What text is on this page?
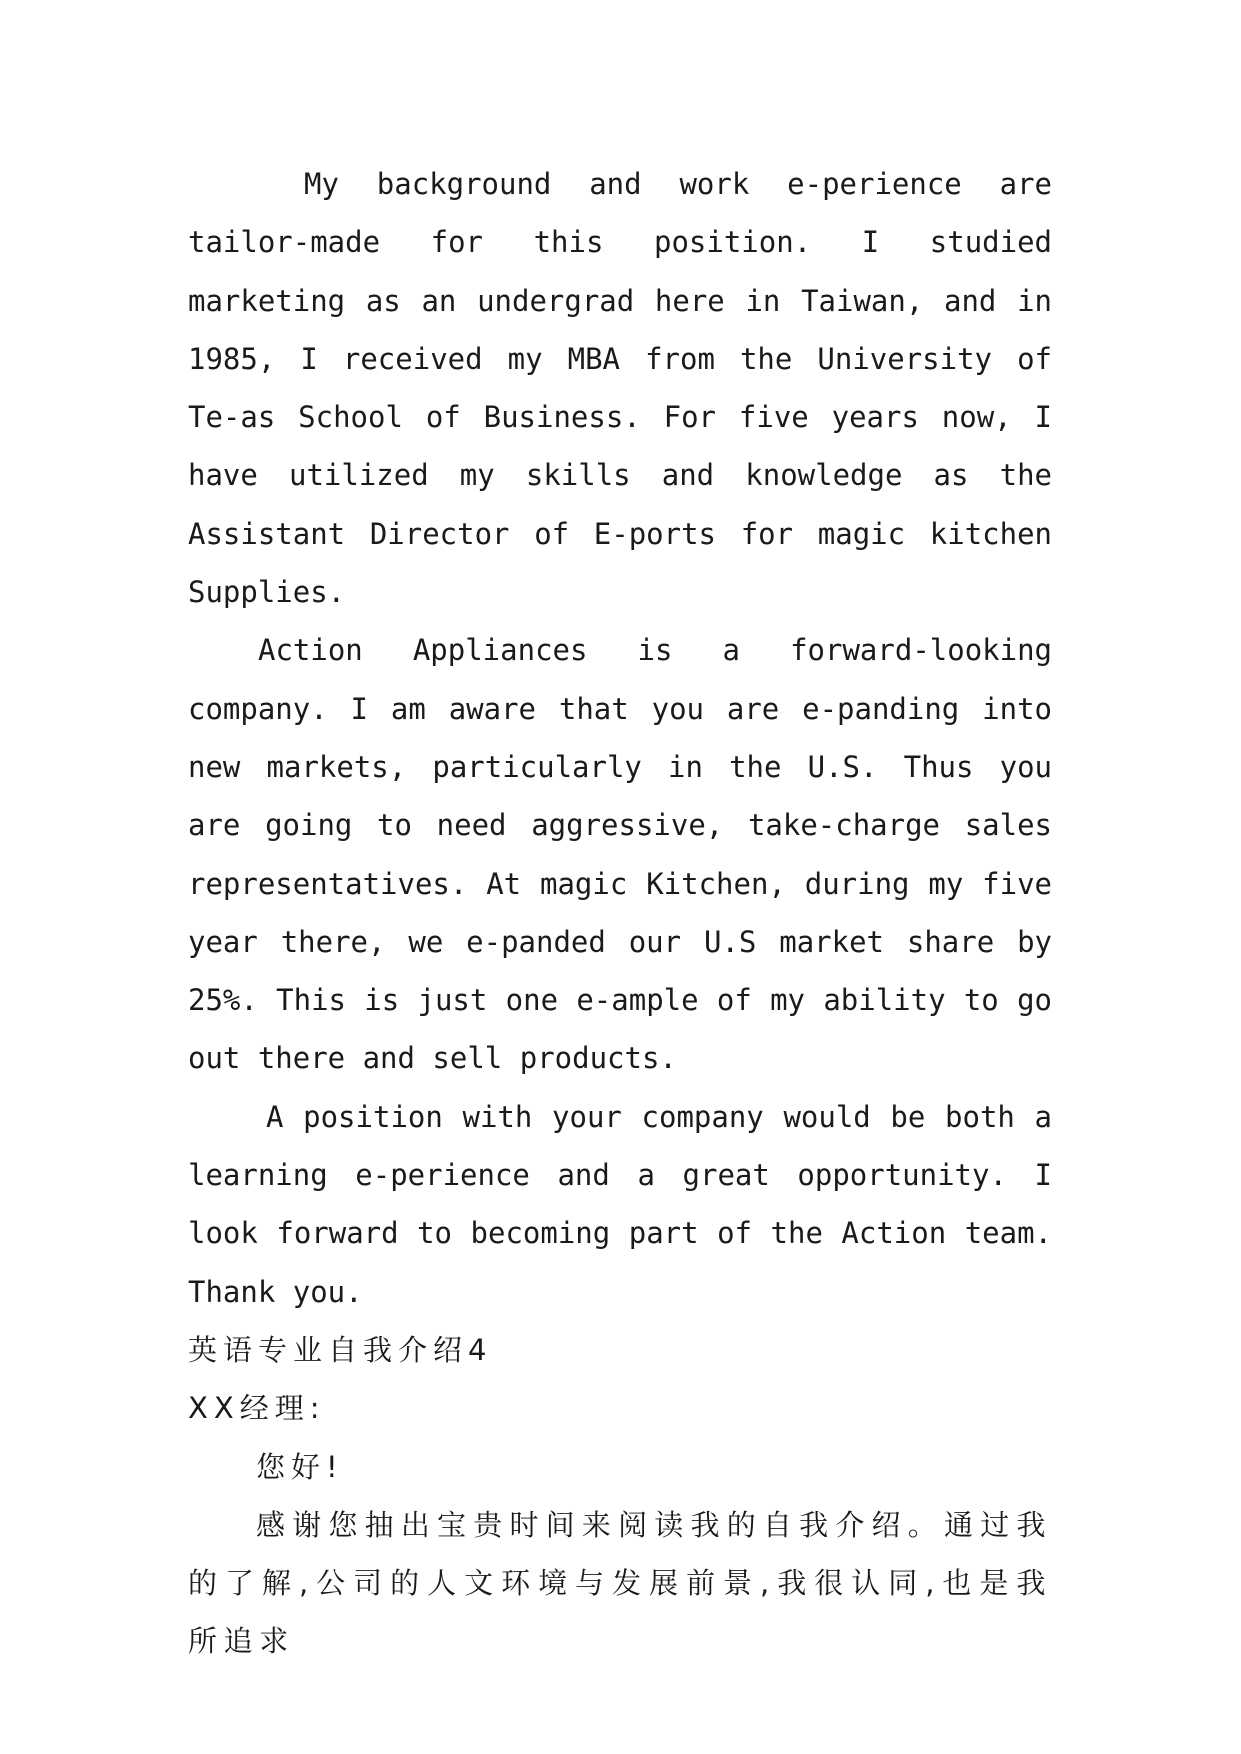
My background and work e-perience are tailor-made for this position. I studied marketing as an undergrad here in Taiwan, and in 1985, I received my MBA from the University of Te-as School of Business. For five years now, I have utilized my skills and knowledge as the Assistant Director of E-ports for magic kitchen Supplies.

Action Appliances is a forward-looking company. I am aware that you are e-panding into new markets, particularly in the U.S. Thus you are going to need aggressive, take-charge sales representatives. At magic Kitchen, during my five year there, we e-panded our U.S market share by 25%. This is just one e-ample of my ability to go out there and sell products.

A position with your company would be both a learning e-perience and a great opportunity. I look forward to becoming part of the Action team. Thank you.

英语专业自我介绍4

XX经理:

您好!

感谢您抽出宝贵时间来阅读我的自我介绍。通过我的了解,公司的人文环境与发展前景,我很认同,也是我所追求
